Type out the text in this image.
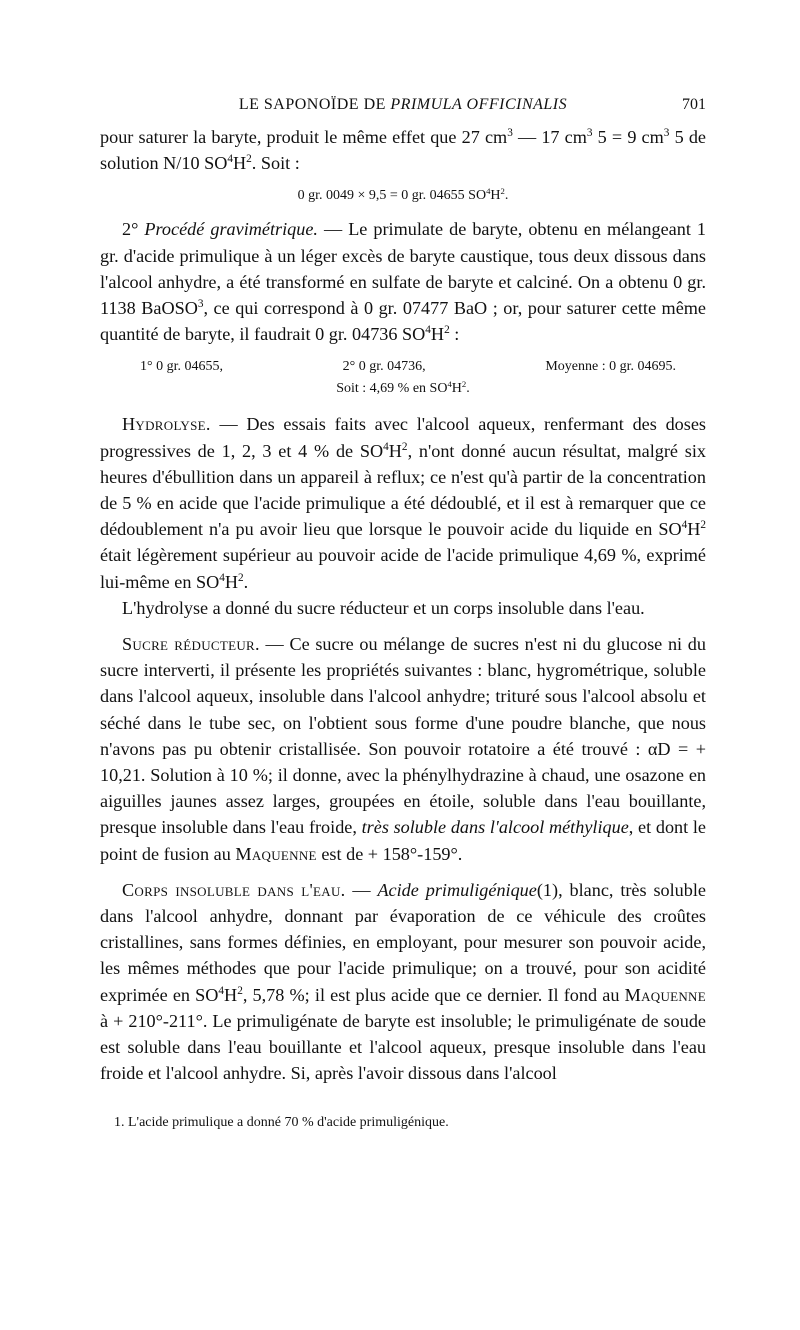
LE SAPONOÏDE DE PRIMULA OFFICINALIS	701

pour saturer la baryte, produit le même effet que 27 $cm^3$ — 17 $cm^3$ 5 = 9 $cm^3$ 5 de solution N/10 $SO^4H^2$. Soit :

0 gr. 0049 × 9,5 = 0 gr. 04655 $SO^4H^2$.

2° Procédé gravimétrique. — Le primulate de baryte, obtenu en mélangeant 1 gr. d'acide primulique à un léger excès de baryte caustique, tous deux dissous dans l'alcool anhydre, a été transformé en sulfate de baryte et calciné. On a obtenu 0 gr. 1138 BaOSO$^3$, ce qui correspond à 0 gr. 07477 BaO ; or, pour saturer cette même quantité de baryte, il faudrait 0 gr. 04736 $SO^4H^2$ :

1° 0 gr. 04655,	2° 0 gr. 04736,	Moyenne : 0 gr. 04695.
Soit : 4,69 % en $SO^4H^2$.

Hydrolyse. — Des essais faits avec l'alcool aqueux, renfermant des doses progressives de 1, 2, 3 et 4 % de $SO^4H^2$, n'ont donné aucun résultat, malgré six heures d'ébullition dans un appareil à reflux; ce n'est qu'à partir de la concentration de 5 % en acide que l'acide primulique a été dédoublé, et il est à remarquer que ce dédoublement n'a pu avoir lieu que lorsque le pouvoir acide du liquide en $SO^4H^2$ était légèrement supérieur au pouvoir acide de l'acide primulique 4,69 %, exprimé lui-même en $SO^4H^2$.

L'hydrolyse a donné du sucre réducteur et un corps insoluble dans l'eau.

Sucre réducteur. — Ce sucre ou mélange de sucres n'est ni du glucose ni du sucre interverti, il présente les propriétés suivantes : blanc, hygrométrique, soluble dans l'alcool aqueux, insoluble dans l'alcool anhydre; trituré sous l'alcool absolu et séché dans le tube sec, on l'obtient sous forme d'une poudre blanche, que nous n'avons pas pu obtenir cristallisée. Son pouvoir rotatoire a été trouvé : αD = + 10,21. Solution à 10 %; il donne, avec la phénylhydrazine à chaud, une osazone en aiguilles jaunes assez larges, groupées en étoile, soluble dans l'eau bouillante, presque insoluble dans l'eau froide, très soluble dans l'alcool méthylique, et dont le point de fusion au Maquenne est de + 158°-159°.

Corps insoluble dans l'eau. — Acide primuligénique(1), blanc, très soluble dans l'alcool anhydre, donnant par évaporation de ce véhicule des croûtes cristallines, sans formes définies, en employant, pour mesurer son pouvoir acide, les mêmes méthodes que pour l'acide primulique; on a trouvé, pour son acidité exprimée en $SO^4H^2$, 5,78 %; il est plus acide que ce dernier. Il fond au Maquenne à + 210°-211°. Le primuligénate de baryte est insoluble; le primuligénate de soude est soluble dans l'eau bouillante et l'alcool aqueux, presque insoluble dans l'eau froide et l'alcool anhydre. Si, après l'avoir dissous dans l'alcool

1. L'acide primulique a donné 70 % d'acide primuligénique.
